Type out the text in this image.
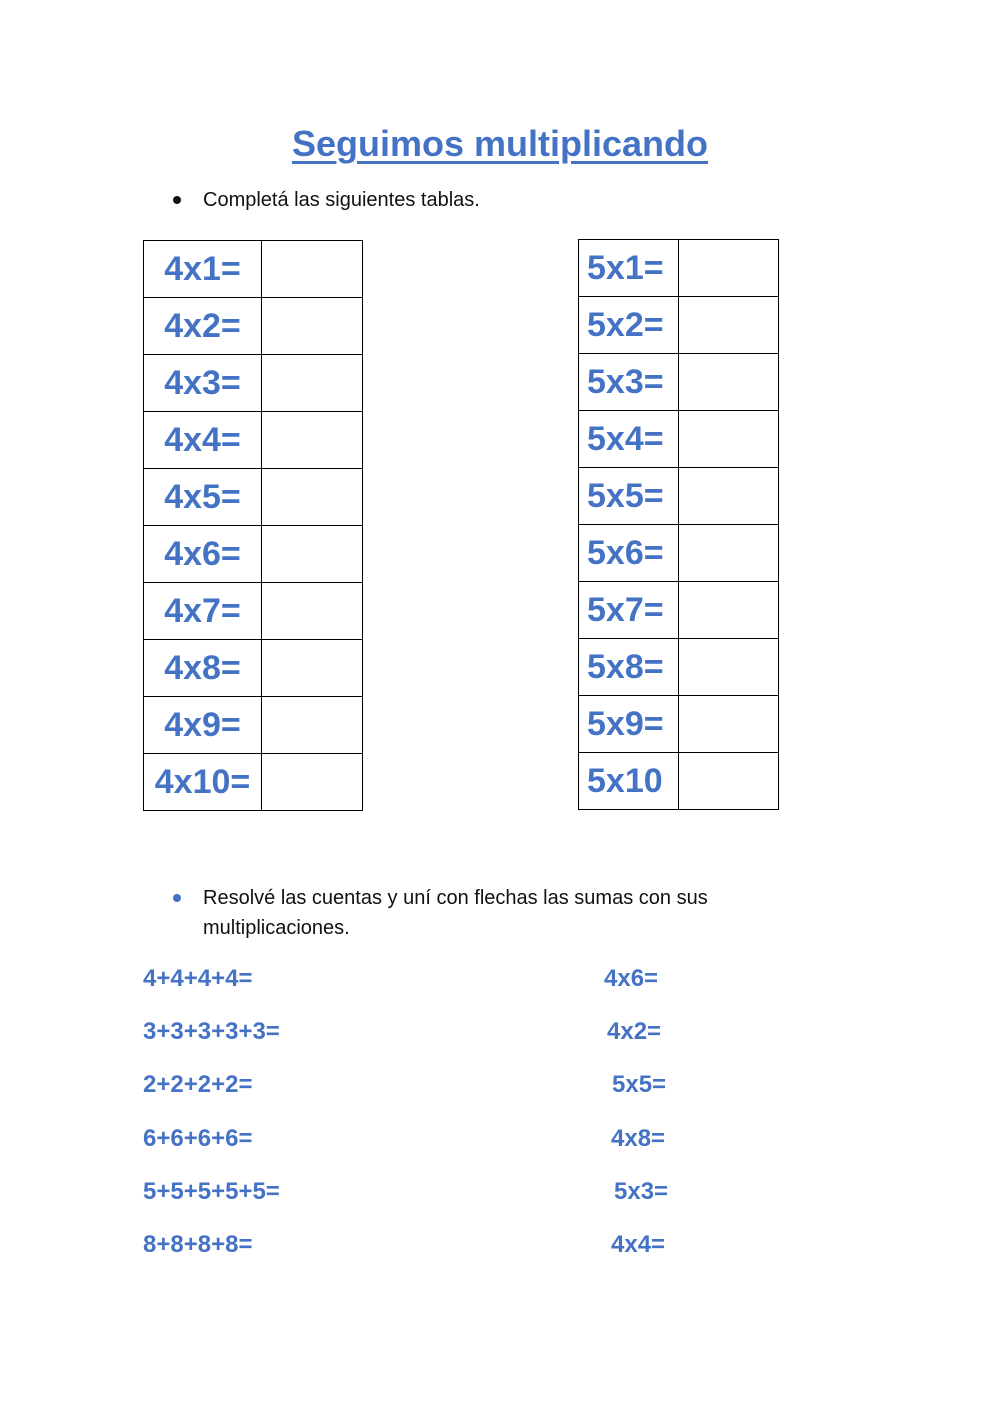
Seguimos multiplicando
Completá las siguientes tablas.
4x1=	
4x2=	
4x3=	
4x4=	
4x5=	
4x6=	
4x7=	
4x8=	
4x9=	
4x10=	
5x1=	
5x2=	
5x3=	
5x4=	
5x5=	
5x6=	
5x7=	
5x8=	
5x9=	
5x10	
Resolvé las cuentas y uní con flechas las sumas con sus multiplicaciones.
4+4+4+4=
3+3+3+3+3=
2+2+2+2=
6+6+6+6=
5+5+5+5+5=
8+8+8+8=
4x6=
4x2=
5x5=
4x8=
5x3=
4x4=
